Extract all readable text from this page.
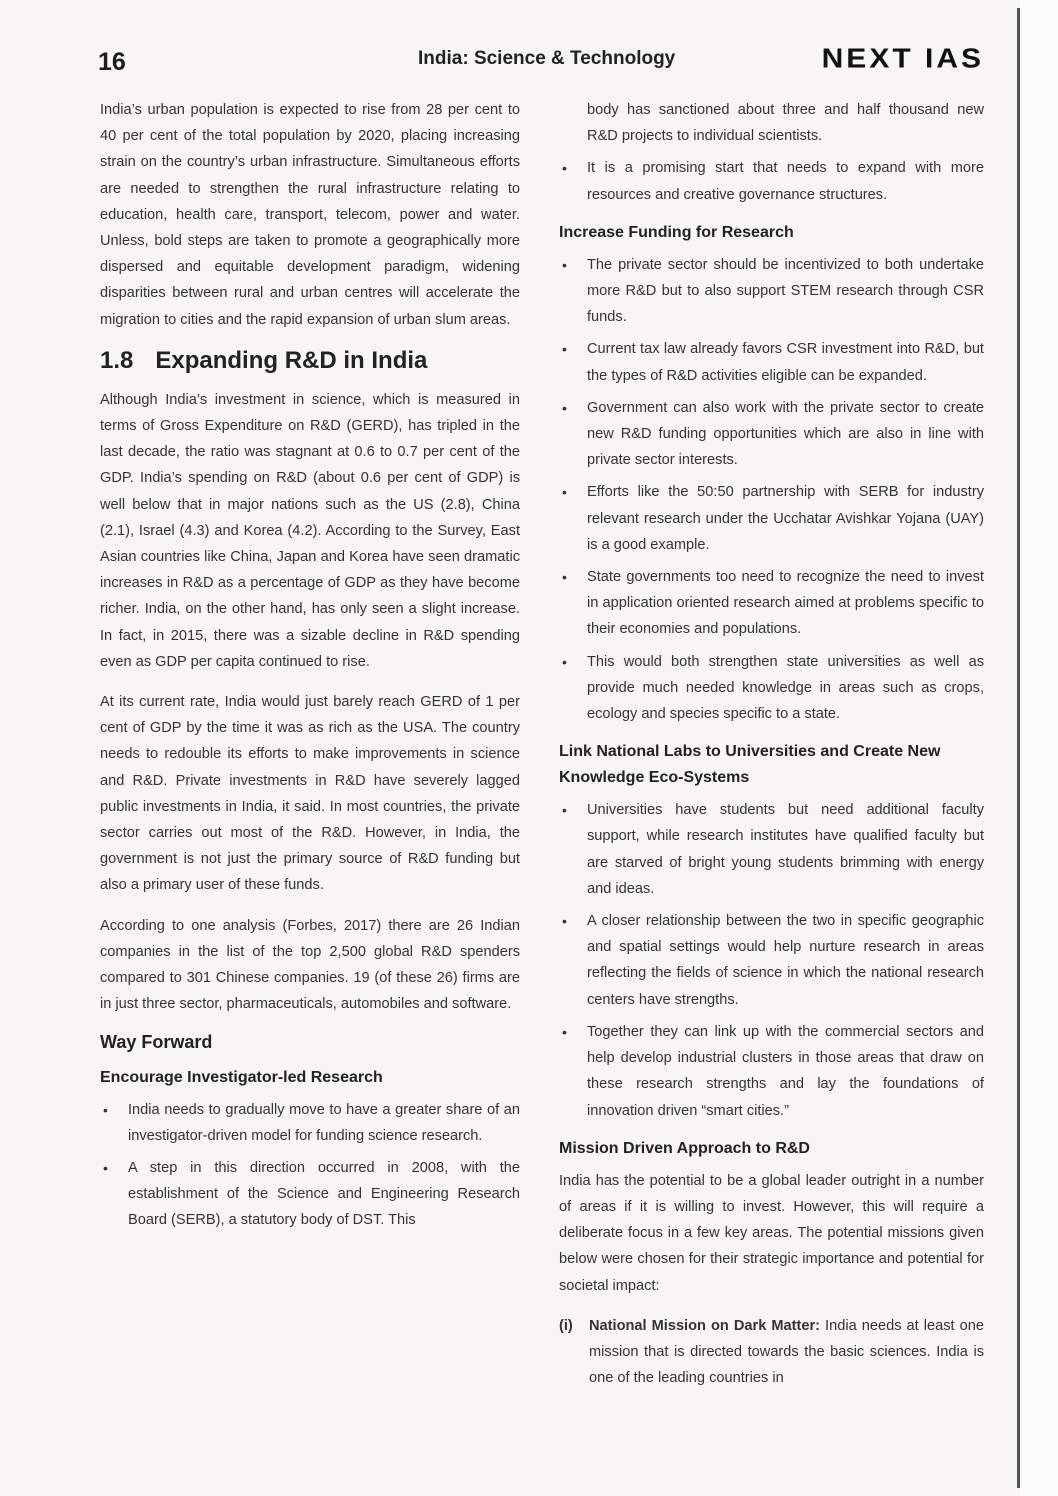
16	India: Science & Technology	NEXT IAS

India’s urban population is expected to rise from 28 per cent to 40 per cent of the total population by 2020, placing increasing strain on the country’s urban infrastructure. Simultaneous efforts are needed to strengthen the rural infrastructure relating to education, health care, transport, telecom, power and water. Unless, bold steps are taken to promote a geographically more dispersed and equitable development paradigm, widening disparities between rural and urban centres will accelerate the migration to cities and the rapid expansion of urban slum areas.

1.8 Expanding R&D in India

Although India’s investment in science, which is measured in terms of Gross Expenditure on R&D (GERD), has tripled in the last decade, the ratio was stagnant at 0.6 to 0.7 per cent of the GDP. India’s spending on R&D (about 0.6 per cent of GDP) is well below that in major nations such as the US (2.8), China (2.1), Israel (4.3) and Korea (4.2). According to the Survey, East Asian countries like China, Japan and Korea have seen dramatic increases in R&D as a percentage of GDP as they have become richer. India, on the other hand, has only seen a slight increase. In fact, in 2015, there was a sizable decline in R&D spending even as GDP per capita continued to rise.

At its current rate, India would just barely reach GERD of 1 per cent of GDP by the time it was as rich as the USA. The country needs to redouble its efforts to make improvements in science and R&D. Private investments in R&D have severely lagged public investments in India, it said. In most countries, the private sector carries out most of the R&D. However, in India, the government is not just the primary source of R&D funding but also a primary user of these funds.

According to one analysis (Forbes, 2017) there are 26 Indian companies in the list of the top 2,500 global R&D spenders compared to 301 Chinese companies. 19 (of these 26) firms are in just three sector, pharmaceuticals, automobiles and software.

Way Forward
Encourage Investigator-led Research
• India needs to gradually move to have a greater share of an investigator-driven model for funding science research.
• A step in this direction occurred in 2008, with the establishment of the Science and Engineering Research Board (SERB), a statutory body of DST. This
body has sanctioned about three and half thousand new R&D projects to individual scientists.
• It is a promising start that needs to expand with more resources and creative governance structures.
Increase Funding for Research
• The private sector should be incentivized to both undertake more R&D but to also support STEM research through CSR funds.
• Current tax law already favors CSR investment into R&D, but the types of R&D activities eligible can be expanded.
• Government can also work with the private sector to create new R&D funding opportunities which are also in line with private sector interests.
• Efforts like the 50:50 partnership with SERB for industry relevant research under the Ucchatar Avishkar Yojana (UAY) is a good example.
• State governments too need to recognize the need to invest in application oriented research aimed at problems specific to their economies and populations.
• This would both strengthen state universities as well as provide much needed knowledge in areas such as crops, ecology and species specific to a state.
Link National Labs to Universities and Create New Knowledge Eco-Systems
• Universities have students but need additional faculty support, while research institutes have qualified faculty but are starved of bright young students brimming with energy and ideas.
• A closer relationship between the two in specific geographic and spatial settings would help nurture research in areas reflecting the fields of science in which the national research centers have strengths.
• Together they can link up with the commercial sectors and help develop industrial clusters in those areas that draw on these research strengths and lay the foundations of innovation driven “smart cities.”
Mission Driven Approach to R&D

India has the potential to be a global leader outright in a number of areas if it is willing to invest. However, this will require a deliberate focus in a few key areas. The potential missions given below were chosen for their strategic importance and potential for societal impact:

(i)	National Mission on Dark Matter: India needs at least one mission that is directed towards the basic sciences. India is one of the leading countries in
